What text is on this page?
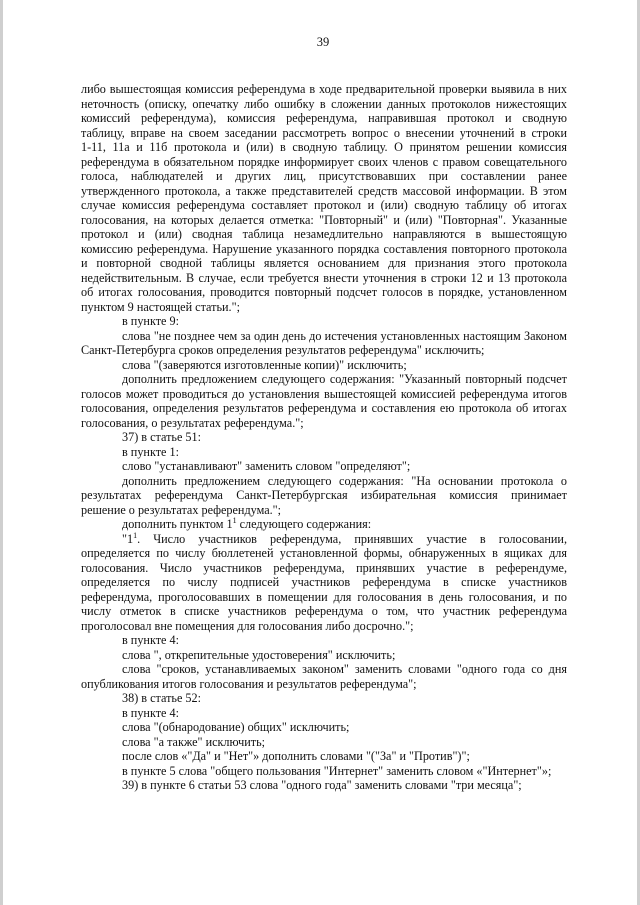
39
либо вышестоящая комиссия референдума в ходе предварительной проверки выявила в них
неточность (описку, опечатку либо ошибку в сложении данных протоколов нижестоящих
комиссий референдума), комиссия референдума, направившая протокол и сводную
таблицу, вправе на своем заседании рассмотреть вопрос о внесении уточнений в строки
1-11, 11а и 11б протокола и (или) в сводную таблицу. О принятом решении комиссия
референдума в обязательном порядке информирует своих членов с правом совещательного
голоса, наблюдателей и других лиц, присутствовавших при составлении ранее
утвержденного протокола, а также представителей средств массовой информации. В этом
случае комиссия референдума составляет протокол и (или) сводную таблицу об итогах
голосования, на которых делается отметка: "Повторный" и (или) "Повторная". Указанные
протокол и (или) сводная таблица незамедлительно направляются в вышестоящую
комиссию референдума. Нарушение указанного порядка составления повторного протокола
и повторной сводной таблицы является основанием для признания этого протокола
недействительным. В случае, если требуется внести уточнения в строки 12 и 13 протокола
об итогах голосования, проводится повторный подсчет голосов в порядке, установленном
пунктом 9 настоящей статьи.";
в пункте 9:
слова "не позднее чем за один день до истечения установленных настоящим Законом
Санкт-Петербурга сроков определения результатов референдума" исключить;
слова "(заверяются изготовленные копии)" исключить;
дополнить предложением следующего содержания: "Указанный повторный подсчет
голосов может проводиться до установления вышестоящей комиссией референдума итогов
голосования, определения результатов референдума и составления ею протокола об итогах
голосования, о результатах референдума.";
37) в статье 51:
в пункте 1:
слово "устанавливают" заменить словом "определяют";
дополнить предложением следующего содержания: "На основании протокола о
результатах референдума Санкт-Петербургская избирательная комиссия принимает
решение о результатах референдума.";
дополнить пунктом $1^1$ следующего содержания:
"$1^1$. Число участников референдума, принявших участие в голосовании,
определяется по числу бюллетеней установленной формы, обнаруженных в ящиках для
голосования. Число участников референдума, принявших участие в референдуме,
определяется по числу подписей участников референдума в списке участников
референдума, проголосовавших в помещении для голосования в день голосования, и по
числу отметок в списке участников референдума о том, что участник референдума
проголосовал вне помещения для голосования либо досрочно.";
в пункте 4:
слова ", открепительные удостоверения" исключить;
слова "сроков, устанавливаемых законом" заменить словами "одного года со дня
опубликования итогов голосования и результатов референдума";
38) в статье 52:
в пункте 4:
слова "(обнародование) общих" исключить;
слова "а также" исключить;
после слов «"Да" и "Нет"» дополнить словами "("За" и "Против")";
в пункте 5 слова "общего пользования "Интернет" заменить словом «"Интернет"»;
39) в пункте 6 статьи 53 слова "одного года" заменить словами "три месяца";
